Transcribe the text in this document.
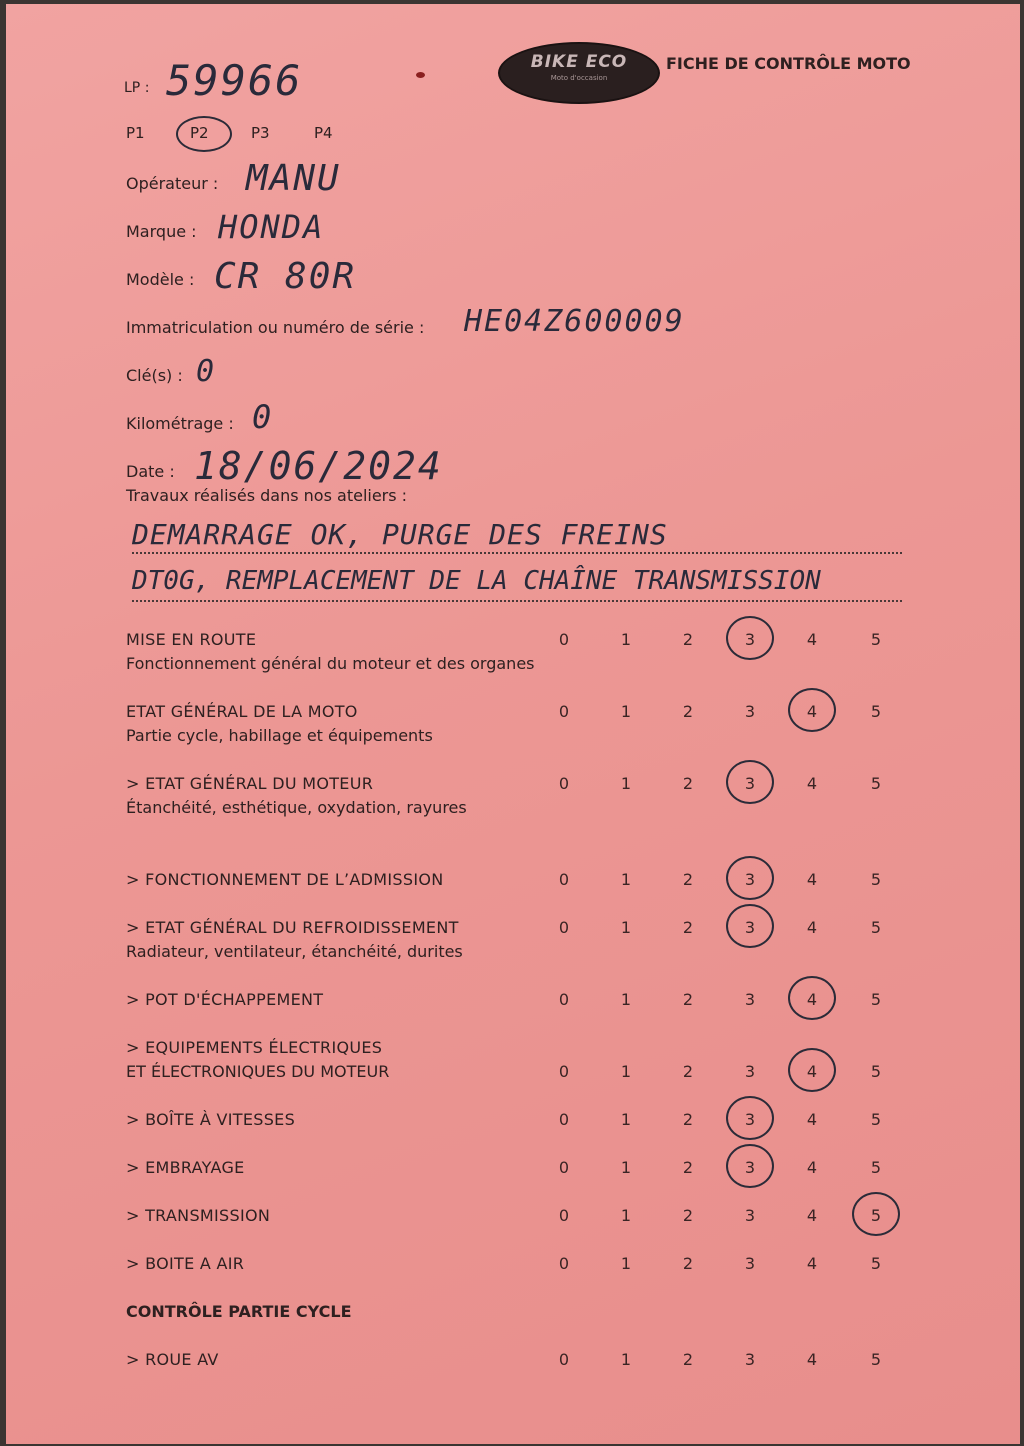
BIKE ECO
Moto d'occasion
FICHE DE CONTRÔLE MOTO
LP : 59966
P1	P2	P3	P4
Opérateur : MANU
Marque : HONDA
Modèle : CR 80R
Immatriculation ou numéro de série : HE04Z600009
Clé(s) : 0
Kilométrage : 0
Date : 18/06/2024
Travaux réalisés dans nos ateliers :
DEMARRAGE OK, PURGE DES FREINS
DT0G, REMPLACEMENT DE LA CHAÎNE TRANSMISSION
MISE EN ROUTE
Fonctionnement général du moteur et des organes
0	1	2	3	4	5
ETAT GÉNÉRAL DE LA MOTO
Partie cycle, habillage et équipements
0	1	2	3	4	5
> ETAT GÉNÉRAL DU MOTEUR
Étanchéité, esthétique, oxydation, rayures
0	1	2	3	4	5
> FONCTIONNEMENT DE L’ADMISSION	0	1	2	3	4	5
> ETAT GÉNÉRAL DU REFROIDISSEMENT
Radiateur, ventilateur, étanchéité, durites
0	1	2	3	4	5
> POT D'ÉCHAPPEMENT	0	1	2	3	4	5
> EQUIPEMENTS ÉLECTRIQUES
ET ÉLECTRONIQUES DU MOTEUR	0	1	2	3	4	5
> BOÎTE À VITESSES	0	1	2	3	4	5
> EMBRAYAGE	0	1	2	3	4	5
> TRANSMISSION	0	1	2	3	4	5
> BOITE A AIR	0	1	2	3	4	5
CONTRÔLE PARTIE CYCLE
> ROUE AV	0	1	2	3	4	5
